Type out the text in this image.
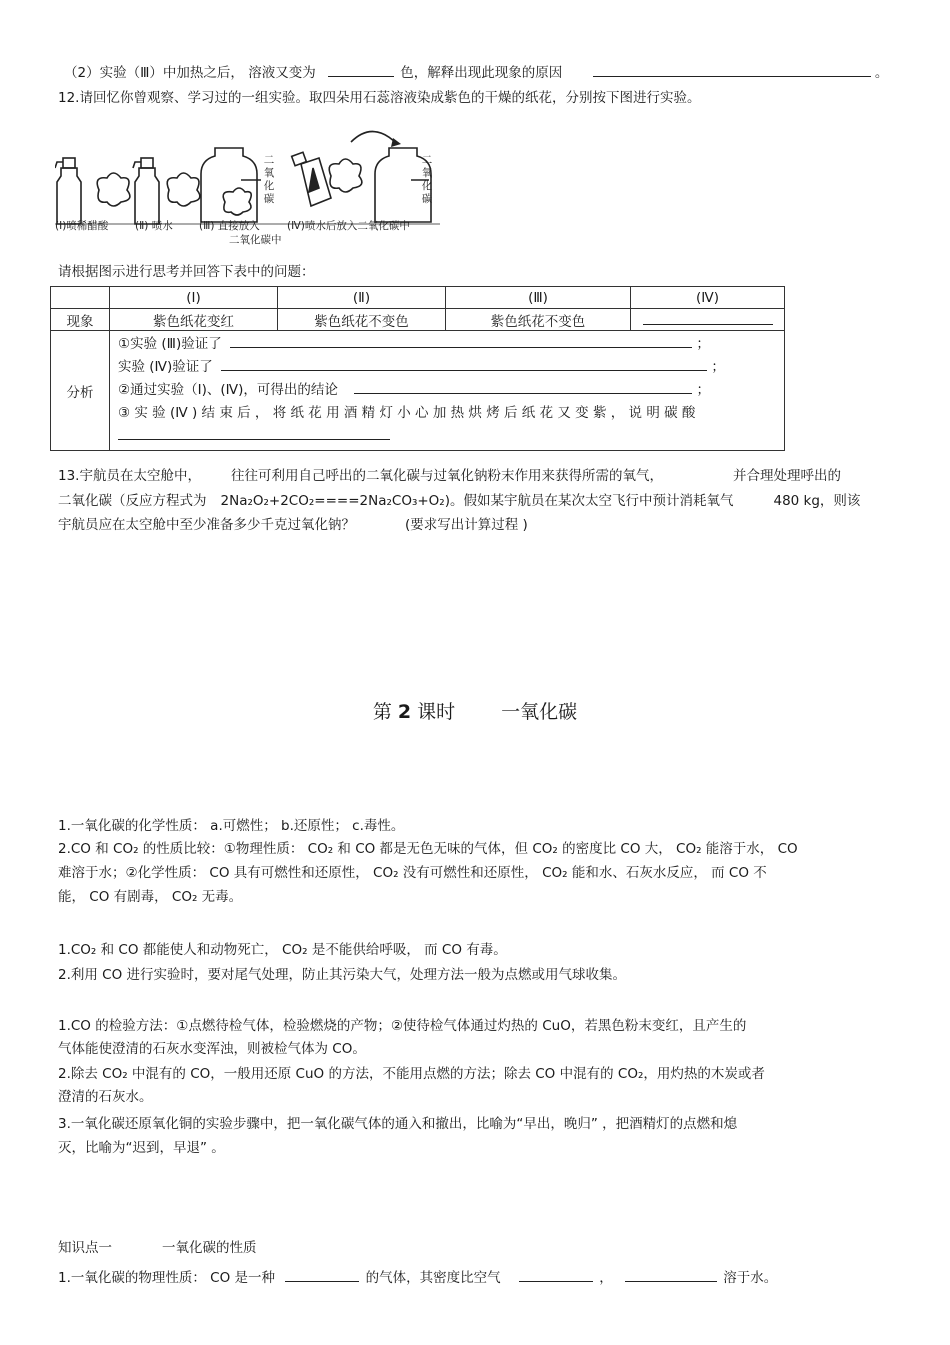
（2）实验（Ⅲ）中加热之后， 溶液又变为	色，解释出现此现象的原因	。
12.请回忆你曾观察、学习过的一组实验。取四朵用石蕊溶液染成紫色的干燥的纸花，分别按下图进行实验。
二
氧
化
碳
二
氧
化
碳
(Ⅰ)喷稀醋酸	(Ⅱ) 喷水	(Ⅲ) 直接放入
二氧化碳中
(Ⅳ)喷水后放入二氧化碳中
请根据图示进行思考并回答下表中的问题：
	(Ⅰ)	(Ⅱ)	(Ⅲ)	(Ⅳ)
现象	紫色纸花变红	紫色纸花不变色	紫色纸花不变色	
分析	①实验 (Ⅲ)验证了 ；
实验 (Ⅳ)验证了 ；
②通过实验（Ⅰ)、(Ⅳ)，可得出的结论 ；
③ 实 验 (Ⅳ ) 结 束 后 ， 将 纸 花 用 酒 精 灯 小 心 加 热 烘 烤 后 纸 花 又 变 紫 ， 说 明 碳 酸			
13.宇航员在太空舱中， 往往可利用自己呼出的二氧化碳与过氧化钠粉末作用来获得所需的氧气，	并合理处理呼出的
二氧化碳（反应方程式为 2Na₂O₂+2CO₂====2Na₂CO₃+O₂)。假如某宇航员在某次太空飞行中预计消耗氧气	480 kg，则该
宇航员应在太空舱中至少准备多少千克过氧化钠？	(要求写出计算过程 )
第 2 课时 一氧化碳
1.一氧化碳的化学性质： a.可燃性； b.还原性； c.毒性。
2.CO 和 CO₂ 的性质比较：①物理性质： CO₂ 和 CO 都是无色无味的气体，但 CO₂ 的密度比 CO 大， CO₂ 能溶于水， CO
难溶于水；②化学性质： CO 具有可燃性和还原性， CO₂ 没有可燃性和还原性， CO₂ 能和水、石灰水反应， 而 CO 不
能， CO 有剧毒， CO₂ 无毒。
1.CO₂ 和 CO 都能使人和动物死亡， CO₂ 是不能供给呼吸， 而 CO 有毒。
2.利用 CO 进行实验时，要对尾气处理，防止其污染大气，处理方法一般为点燃或用气球收集。
1.CO 的检验方法：①点燃待检气体，检验燃烧的产物；②使待检气体通过灼热的 CuO，若黑色粉末变红，且产生的
气体能使澄清的石灰水变浑浊，则被检气体为 CO。
2.除去 CO₂ 中混有的 CO，一般用还原 CuO 的方法，不能用点燃的方法；除去 CO 中混有的 CO₂，用灼热的木炭或者
澄清的石灰水。
3.一氧化碳还原氧化铜的实验步骤中，把一氧化碳气体的通入和撤出，比喻为“早出，晚归” ，把酒精灯的点燃和熄
灭，比喻为“迟到，早退” 。
知识点一	一氧化碳的性质
1.一氧化碳的物理性质： CO 是一种	的气体，其密度比空气	，	溶于水。
